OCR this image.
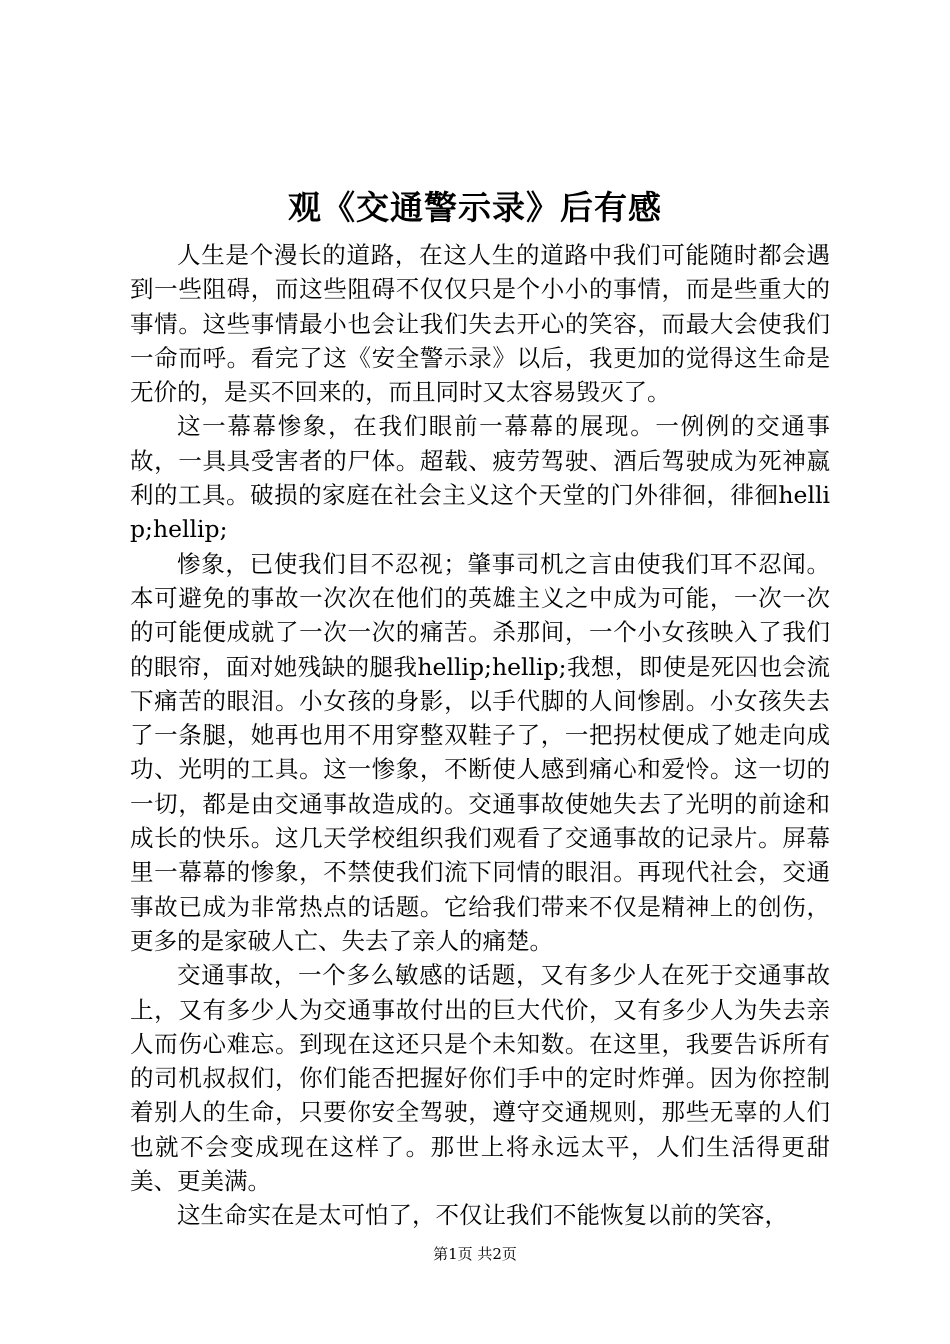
观《交通警示录》后有感

人生是个漫长的道路，在这人生的道路中我们可能随时都会遇到一些阻碍，而这些阻碍不仅仅只是个小小的事情，而是些重大的事情。这些事情最小也会让我们失去开心的笑容，而最大会使我们一命而呼。看完了这《安全警示录》以后，我更加的觉得这生命是无价的，是买不回来的，而且同时又太容易毁灭了。

这一幕幕惨象，在我们眼前一幕幕的展现。一例例的交通事故，一具具受害者的尸体。超载、疲劳驾驶、酒后驾驶成为死神嬴利的工具。破损的家庭在社会主义这个天堂的门外徘徊，徘徊hellip;hellip;

惨象，已使我们目不忍视；肇事司机之言由使我们耳不忍闻。本可避免的事故一次次在他们的英雄主义之中成为可能，一次一次的可能便成就了一次一次的痛苦。杀那间，一个小女孩映入了我们的眼帘，面对她残缺的腿我hellip;hellip;我想，即使是死囚也会流下痛苦的眼泪。小女孩的身影，以手代脚的人间惨剧。小女孩失去了一条腿，她再也用不用穿整双鞋子了，一把拐杖便成了她走向成功、光明的工具。这一惨象，不断使人感到痛心和爱怜。这一切的一切，都是由交通事故造成的。交通事故使她失去了光明的前途和成长的快乐。这几天学校组织我们观看了交通事故的记录片。屏幕里一幕幕的惨象，不禁使我们流下同情的眼泪。再现代社会，交通事故已成为非常热点的话题。它给我们带来不仅是精神上的创伤，更多的是家破人亡、失去了亲人的痛楚。

交通事故，一个多么敏感的话题，又有多少人在死于交通事故上，又有多少人为交通事故付出的巨大代价，又有多少人为失去亲人而伤心难忘。到现在这还只是个未知数。在这里，我要告诉所有的司机叔叔们，你们能否把握好你们手中的定时炸弹。因为你控制着别人的生命，只要你安全驾驶，遵守交通规则，那些无辜的人们也就不会变成现在这样了。那世上将永远太平，人们生活得更甜美、更美满。

这生命实在是太可怕了，不仅让我们不能恢复以前的笑容，

第1页 共2页
